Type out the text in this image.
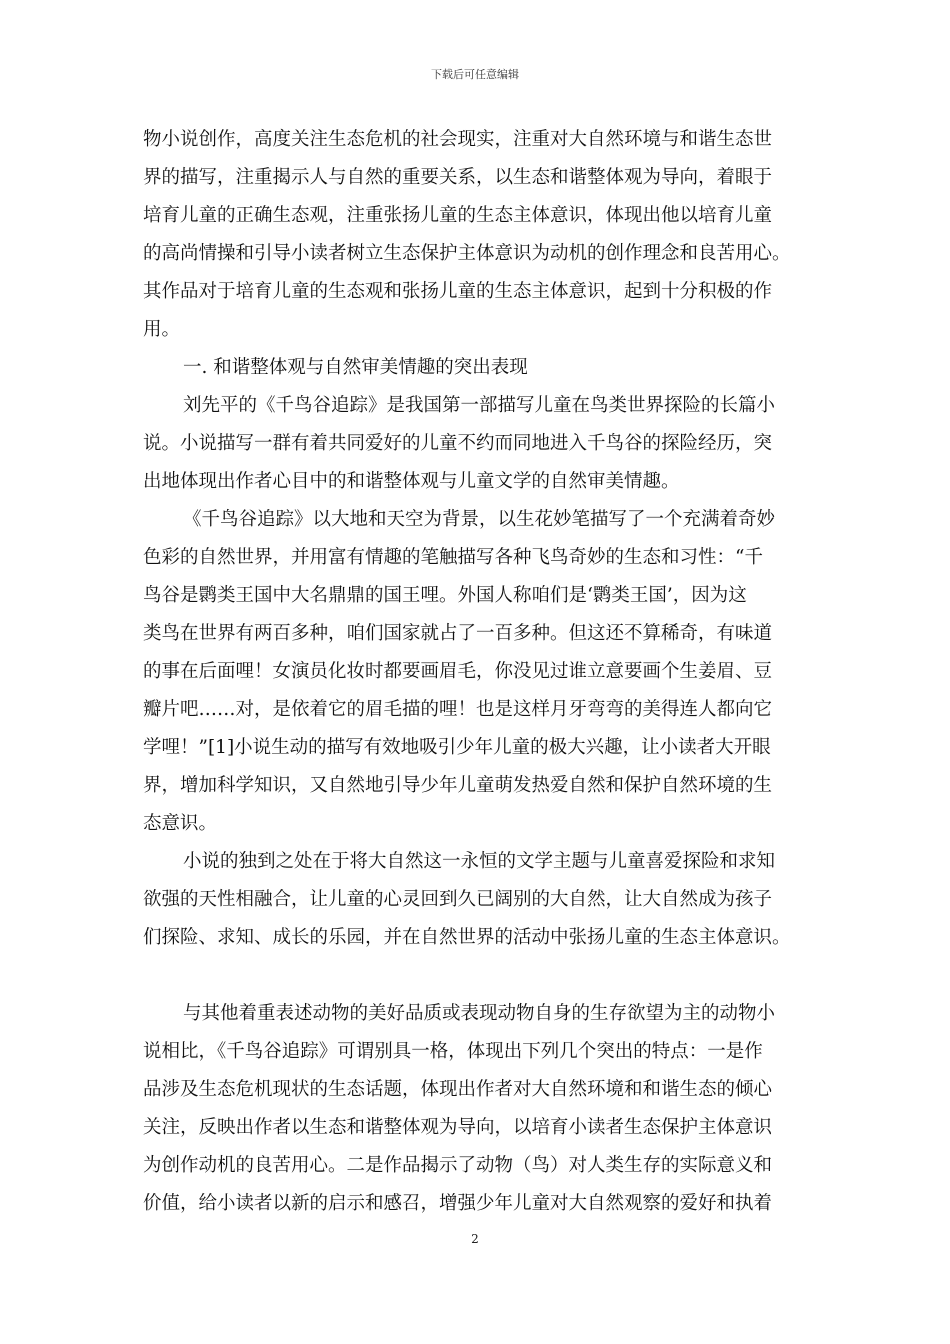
下载后可任意编辑
物小说创作，高度关注生态危机的社会现实，注重对大自然环境与和谐生态世
界的描写，注重揭示人与自然的重要关系，以生态和谐整体观为导向，着眼于
培育儿童的正确生态观，注重张扬儿童的生态主体意识，体现出他以培育儿童
的高尚情操和引导小读者树立生态保护主体意识为动机的创作理念和良苦用心。
其作品对于培育儿童的生态观和张扬儿童的生态主体意识，起到十分积极的作
用。
一. 和谐整体观与自然审美情趣的突出表现
刘先平的《千鸟谷追踪》是我国第一部描写儿童在鸟类世界探险的长篇小
说。小说描写一群有着共同爱好的儿童不约而同地进入千鸟谷的探险经历，突
出地体现出作者心目中的和谐整体观与儿童文学的自然审美情趣。
《千鸟谷追踪》以大地和天空为背景，以生花妙笔描写了一个充满着奇妙
色彩的自然世界，并用富有情趣的笔触描写各种飞鸟奇妙的生态和习性：“千
鸟谷是鹮类王国中大名鼎鼎的国王哩。外国人称咱们是‘鹮类王国’，因为这
类鸟在世界有两百多种，咱们国家就占了一百多种。但这还不算稀奇，有味道
的事在后面哩！女演员化妆时都要画眉毛，你没见过谁立意要画个生姜眉、豆
瓣片吧……对，是依着它的眉毛描的哩！也是这样月牙弯弯的美得连人都向它
学哩！”[1]小说生动的描写有效地吸引少年儿童的极大兴趣，让小读者大开眼
界，增加科学知识，又自然地引导少年儿童萌发热爱自然和保护自然环境的生
态意识。
小说的独到之处在于将大自然这一永恒的文学主题与儿童喜爱探险和求知
欲强的天性相融合，让儿童的心灵回到久已阔别的大自然，让大自然成为孩子
们探险、求知、成长的乐园，并在自然世界的活动中张扬儿童的生态主体意识。
与其他着重表述动物的美好品质或表现动物自身的生存欲望为主的动物小
说相比，《千鸟谷追踪》可谓别具一格，体现出下列几个突出的特点：一是作
品涉及生态危机现状的生态话题，体现出作者对大自然环境和和谐生态的倾心
关注，反映出作者以生态和谐整体观为导向，以培育小读者生态保护主体意识
为创作动机的良苦用心。二是作品揭示了动物（鸟）对人类生存的实际意义和
价值，给小读者以新的启示和感召，增强少年儿童对大自然观察的爱好和执着
2
